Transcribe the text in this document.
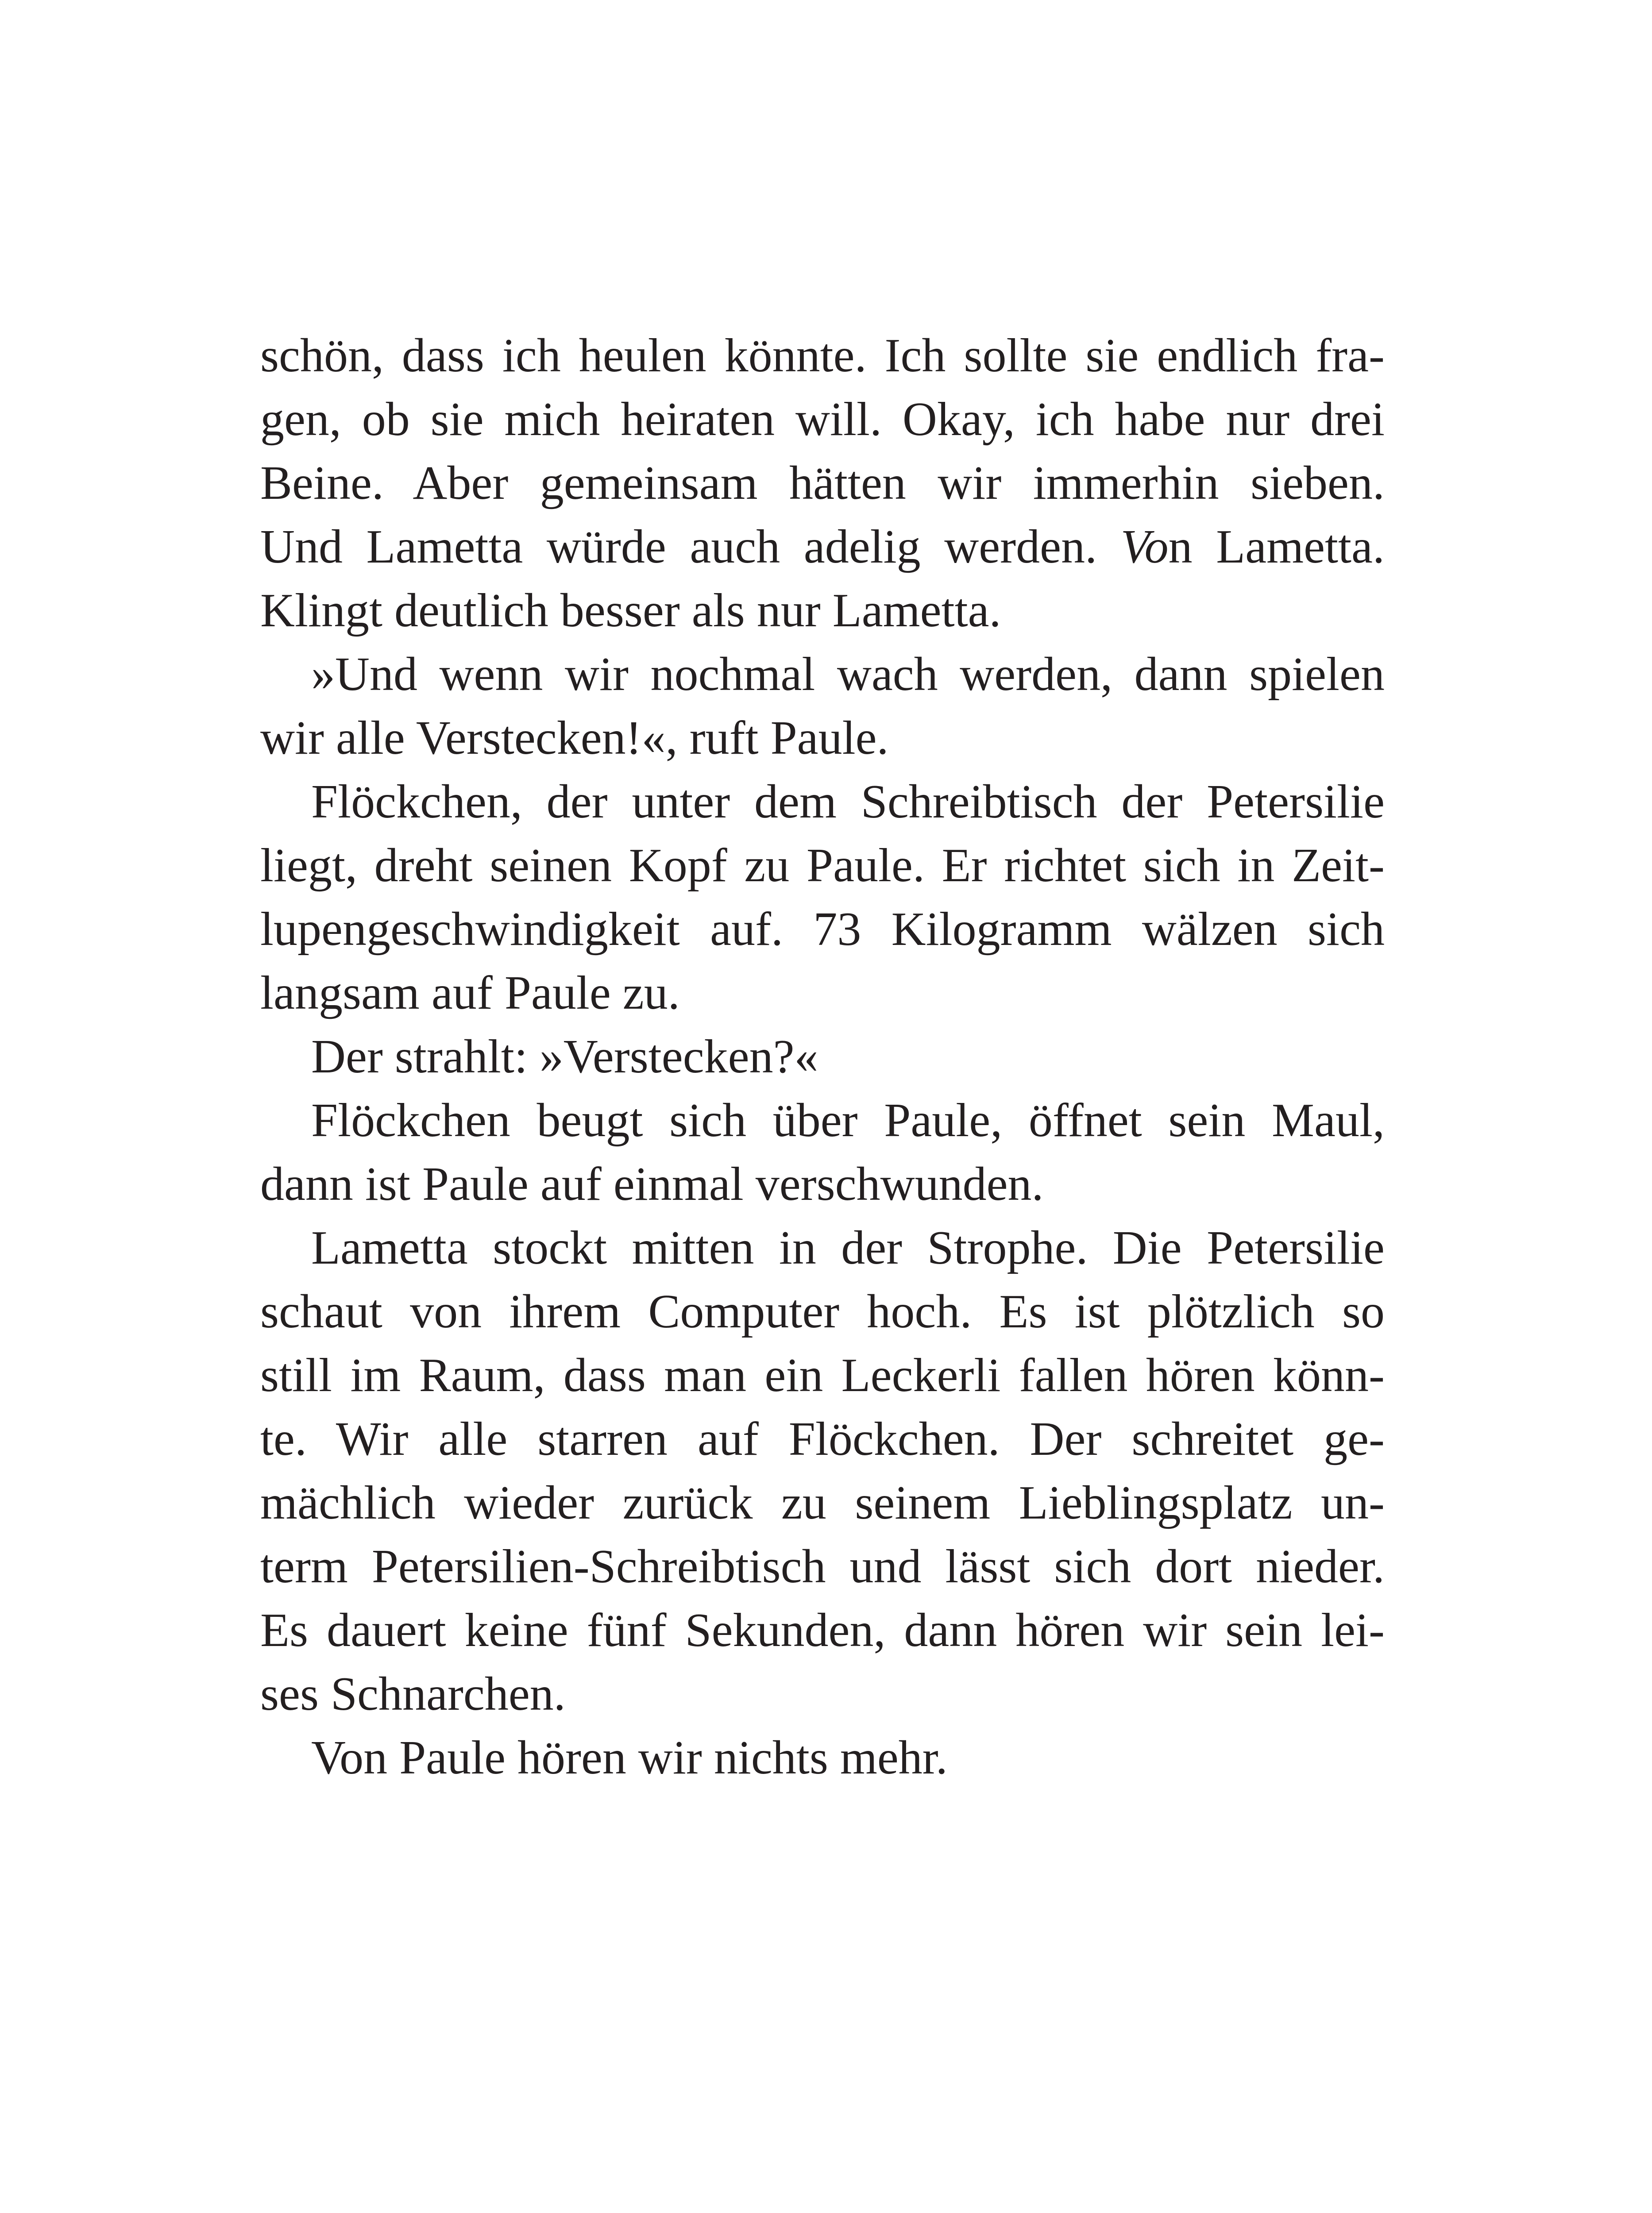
schön, dass ich heulen könnte. Ich sollte sie endlich fra-
gen, ob sie mich heiraten will. Okay, ich habe nur drei
Beine. Aber gemeinsam hätten wir immerhin sieben.
Und Lametta würde auch adelig werden. Von Lametta.
Klingt deutlich besser als nur Lametta.
»Und wenn wir nochmal wach werden, dann spielen
wir alle Verstecken!«, ruft Paule.
Flöckchen, der unter dem Schreibtisch der Petersilie
liegt, dreht seinen Kopf zu Paule. Er richtet sich in Zeit-
lupengeschwindigkeit auf. 73 Kilogramm wälzen sich
langsam auf Paule zu.
Der strahlt: »Verstecken?«
Flöckchen beugt sich über Paule, öffnet sein Maul,
dann ist Paule auf einmal verschwunden.
Lametta stockt mitten in der Strophe. Die Petersilie
schaut von ihrem Computer hoch. Es ist plötzlich so
still im Raum, dass man ein Leckerli fallen hören könn-
te. Wir alle starren auf Flöckchen. Der schreitet ge-
mächlich wieder zurück zu seinem Lieblingsplatz un-
term Petersilien-Schreibtisch und lässt sich dort nieder.
Es dauert keine fünf Sekunden, dann hören wir sein lei-
ses Schnarchen.
Von Paule hören wir nichts mehr.
